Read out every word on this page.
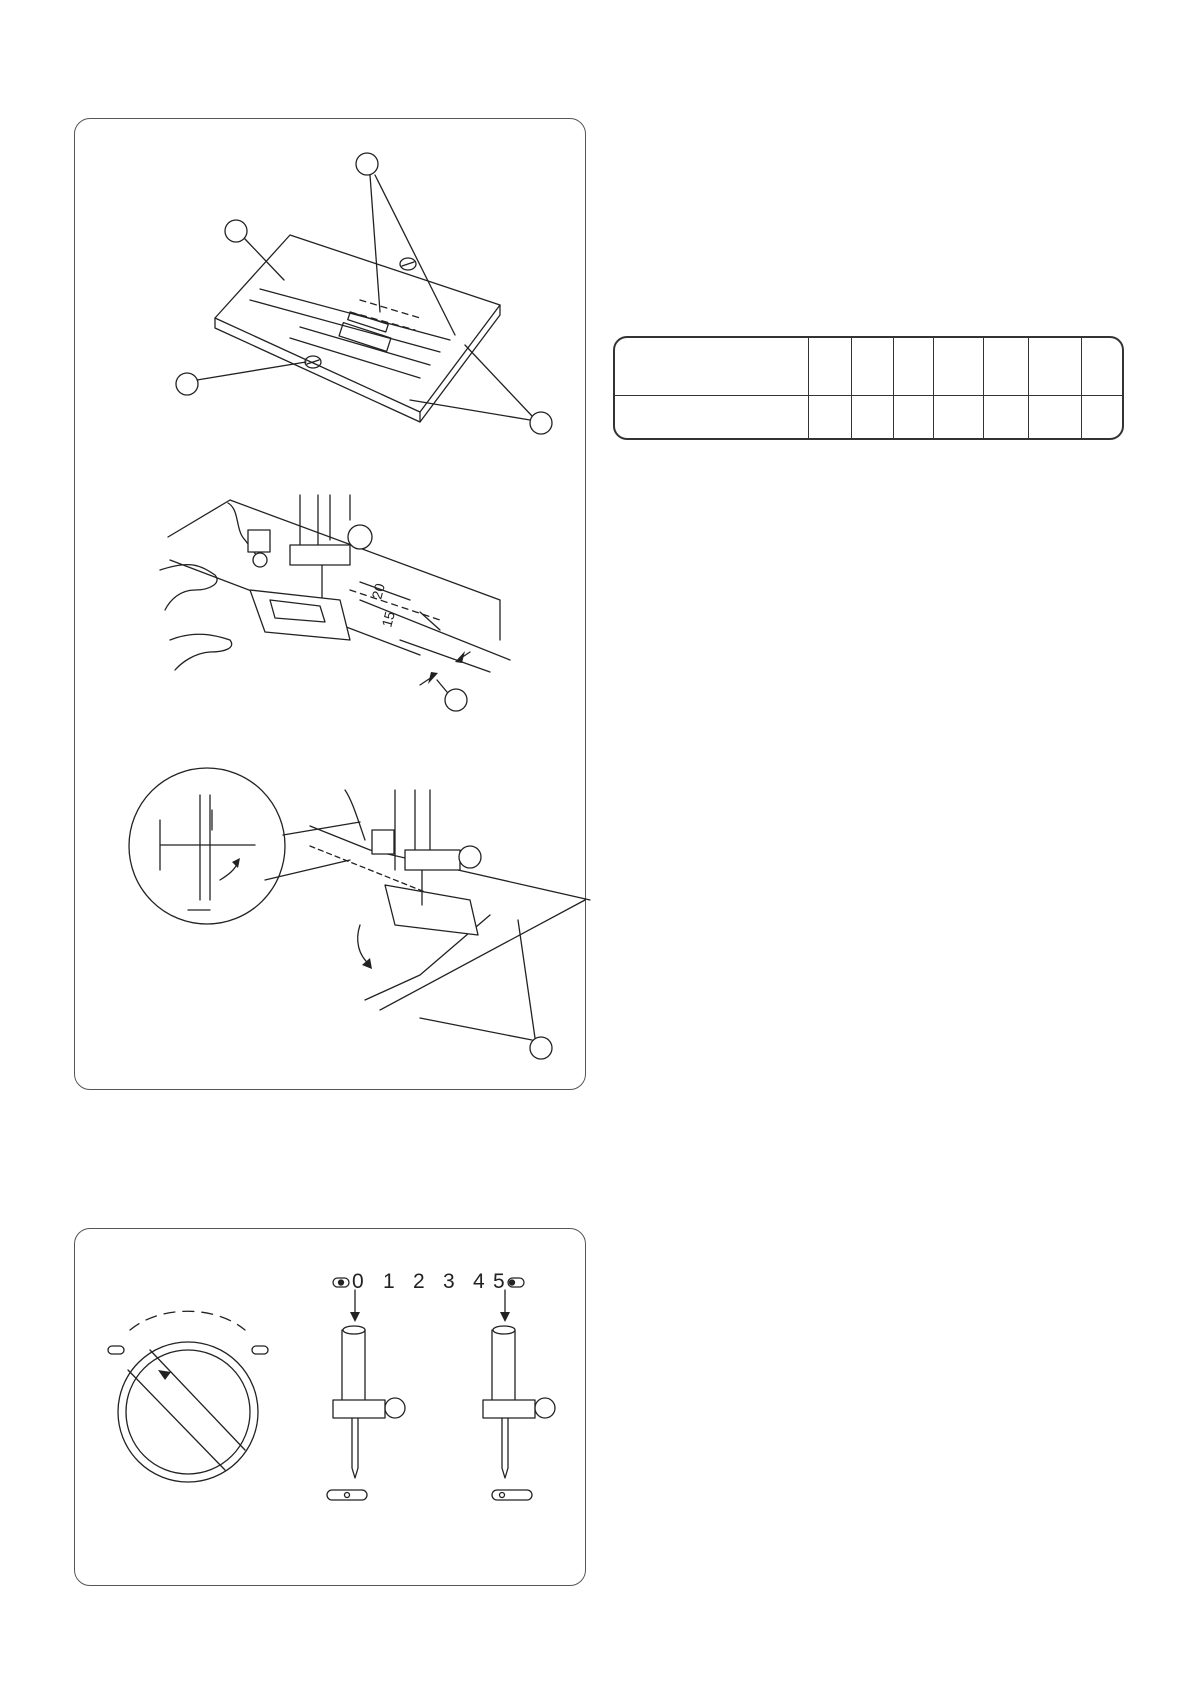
20
15
0 1 2 3 4 5
